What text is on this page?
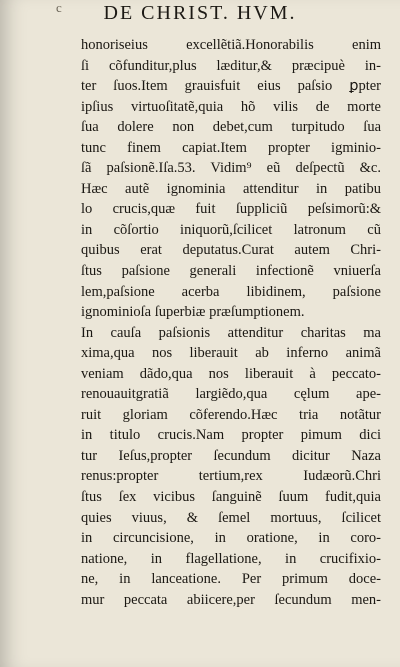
c	DE CHRIST. HVM.
honoriseius excellẽtiã.Honorabilis enim
ſi cõfunditur,plus læditur,& præcipuè in-
ter ſuos.Item grauisfuit eius paſsio ꝑpter
ipſius virtuoſitatẽ,quia hõ vilis de morte
ſua dolere non debet,cum turpitudo ſua
tunc finem capiat.Item propter igminio-
ſã paſsionẽ.Iſa.53. Vidim⁹ eũ deſpectũ &c.
Hæc autẽ ignominia attenditur in patibu
lo crucis,quæ fuit ſuppliciũ peſsimorũ:&
in cõſortio iniquorũ,ſcilicet latronum cũ
quibus erat deputatus.Curat autem Chri-
ſtus paſsione generali infectionẽ vniuerſa
lem,paſsione acerba libidinem, paſsione
ignominioſa ſuperbiæ præſumptionem.
In cauſa paſsionis attenditur charitas ma
xima,qua nos liberauit ab inferno animã
veniam dãdo,qua nos liberauit à peccato-
renouauitgratiã largiẽdo,qua cęlum ape-
ruit gloriam cõferendo.Hæc tria notãtur
in titulo crucis.Nam propter pimum dici
tur Ieſus,propter ſecundum dicitur Naza
renus:propter tertium,rex Iudæorũ.Chri
ſtus ſex vicibus ſanguinẽ ſuum fudit,quia
quies viuus, & ſemel mortuus, ſcilicet
in circuncisione, in oratione, in coro-
natione, in flagellatione, in crucifixio-
ne, in lanceatione. Per primum doce-
mur peccata abiicere,per ſecundum men-
